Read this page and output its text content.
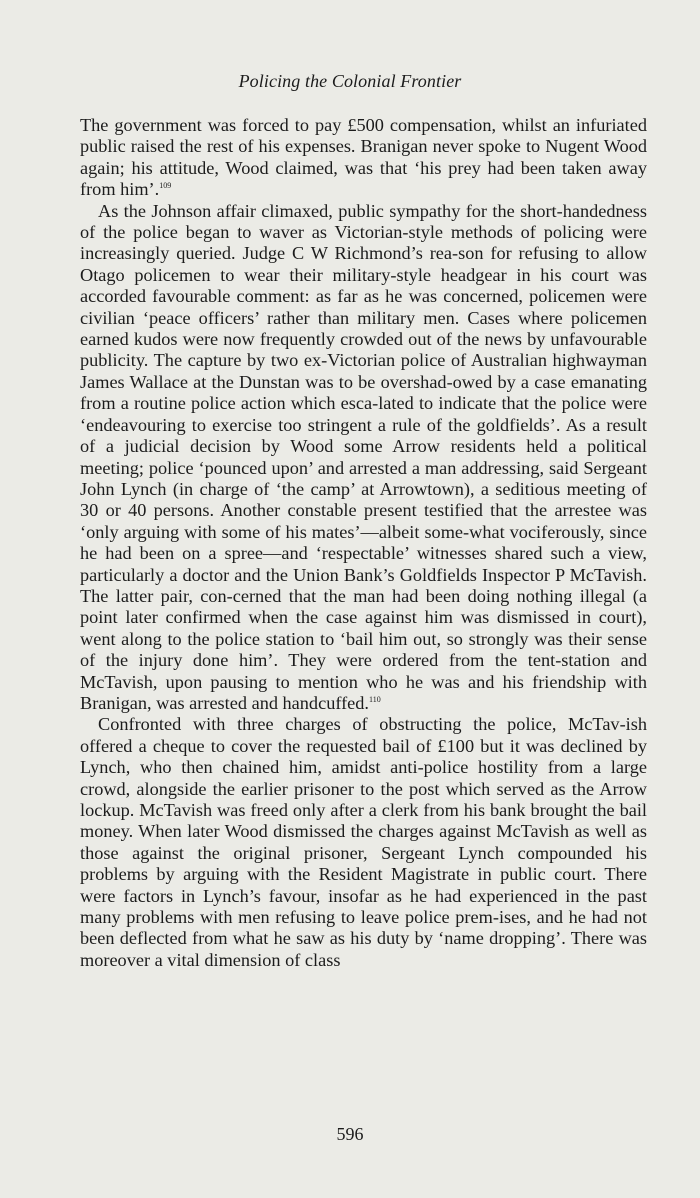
Policing the Colonial Frontier

The government was forced to pay £500 compensation, whilst an infuriated public raised the rest of his expenses. Branigan never spoke to Nugent Wood again; his attitude, Wood claimed, was that ‘his prey had been taken away from him’.$^{109}$

As the Johnson affair climaxed, public sympathy for the short-handedness of the police began to waver as Victorian-style methods of policing were increasingly queried. Judge C W Richmond’s rea-son for refusing to allow Otago policemen to wear their military-style headgear in his court was accorded favourable comment: as far as he was concerned, policemen were civilian ‘peace officers’ rather than military men. Cases where policemen earned kudos were now frequently crowded out of the news by unfavourable publicity. The capture by two ex-Victorian police of Australian highwayman James Wallace at the Dunstan was to be overshad-owed by a case emanating from a routine police action which esca-lated to indicate that the police were ‘endeavouring to exercise too stringent a rule of the goldfields’. As a result of a judicial decision by Wood some Arrow residents held a political meeting; police ‘pounced upon’ and arrested a man addressing, said Sergeant John Lynch (in charge of ‘the camp’ at Arrowtown), a seditious meeting of 30 or 40 persons. Another constable present testified that the arrestee was ‘only arguing with some of his mates’—albeit some-what vociferously, since he had been on a spree—and ‘respectable’ witnesses shared such a view, particularly a doctor and the Union Bank’s Goldfields Inspector P McTavish. The latter pair, con-cerned that the man had been doing nothing illegal (a point later confirmed when the case against him was dismissed in court), went along to the police station to ‘bail him out, so strongly was their sense of the injury done him’. They were ordered from the tent-station and McTavish, upon pausing to mention who he was and his friendship with Branigan, was arrested and handcuffed.$^{110}$

Confronted with three charges of obstructing the police, McTav-ish offered a cheque to cover the requested bail of £100 but it was declined by Lynch, who then chained him, amidst anti-police hostility from a large crowd, alongside the earlier prisoner to the post which served as the Arrow lockup. McTavish was freed only after a clerk from his bank brought the bail money. When later Wood dismissed the charges against McTavish as well as those against the original prisoner, Sergeant Lynch compounded his problems by arguing with the Resident Magistrate in public court. There were factors in Lynch’s favour, insofar as he had experienced in the past many problems with men refusing to leave police prem-ises, and he had not been deflected from what he saw as his duty by ‘name dropping’. There was moreover a vital dimension of class

596
